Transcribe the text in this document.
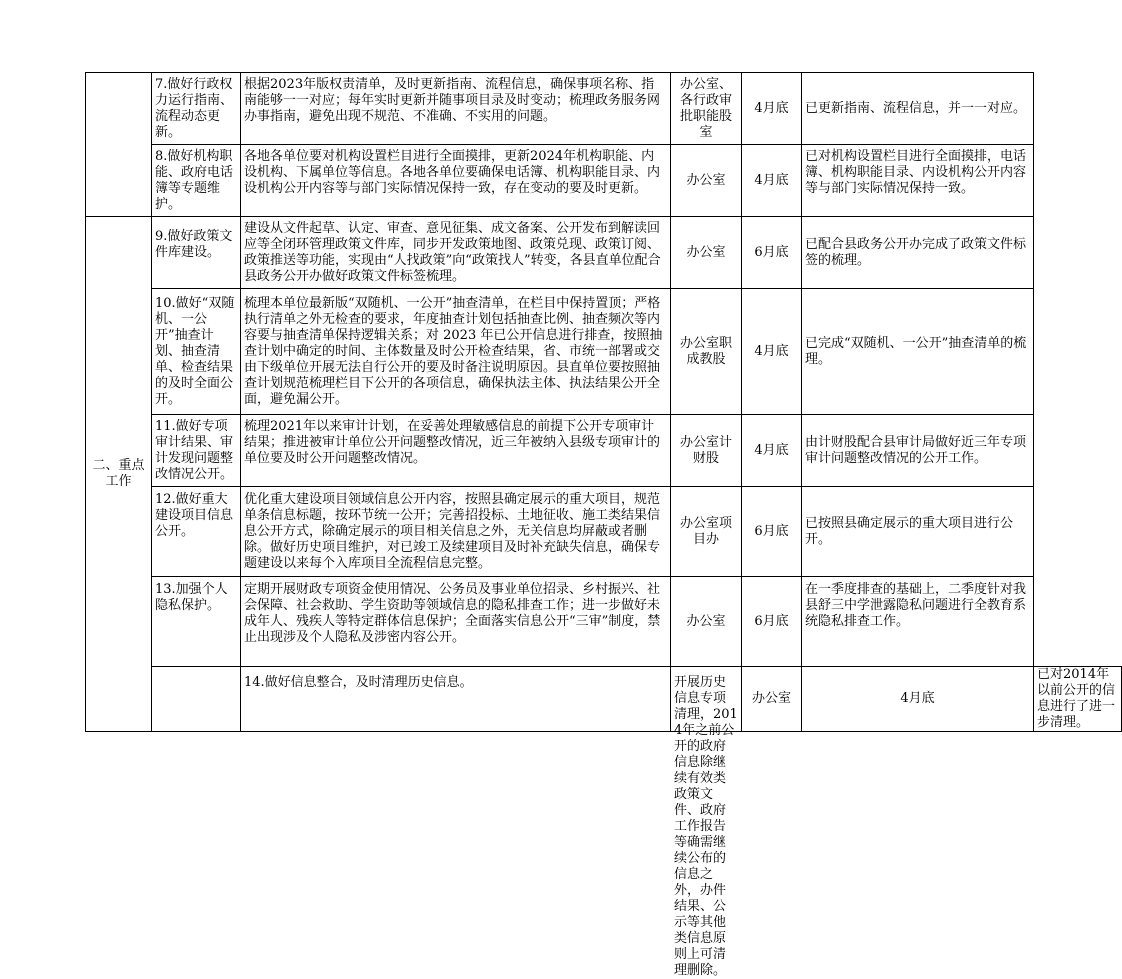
	7.做好行政权力运行指南、流程动态更新。	根据2023年版权责清单，及时更新指南、流程信息，确保事项名称、指南能够一一对应；每年实时更新并随事项目录及时变动；梳理政务服务网办事指南，避免出现不规范、不准确、不实用的问题。	办公室、各行政审批职能股室	4月底	已更新指南、流程信息，并一一对应。	

	8.做好机构职能、政府电话簿等专题维护。	各地各单位要对机构设置栏目进行全面摸排，更新2024年机构职能、内设机构、下属单位等信息。各地各单位要确保电话簿、机构职能目录、内设机构公开内容等与部门实际情况保持一致，存在变动的要及时更新。	办公室	4月底	已对机构设置栏目进行全面摸排，电话簿、机构职能目录、内设机构公开内容等与部门实际情况保持一致。	

二、重点工作	9.做好政策文件库建设。	建设从文件起草、认定、审查、意见征集、成文备案、公开发布到解读回应等全闭环管理政策文件库，同步开发政策地图、政策兑现、政策订阅、政策推送等功能，实现由“人找政策”向“政策找人”转变，各县直单位配合县政务公开办做好政策文件标签梳理。	办公室	6月底	已配合县政务公开办完成了政策文件标签的梳理。	

	10.做好“双随机、一公开”抽查计划、抽查清单、检查结果的及时全面公开。	梳理本单位最新版“双随机、一公开”抽查清单，在栏目中保持置顶；严格执行清单之外无检查的要求，年度抽查计划包括抽查比例、抽查频次等内容要与抽查清单保持逻辑关系；对 2023 年已公开信息进行排查，按照抽查计划中确定的时间、主体数量及时公开检查结果，省、市统一部署或交由下级单位开展无法自行公开的要及时备注说明原因。县直单位要按照抽查计划规范梳理栏目下公开的各项信息，确保执法主体、执法结果公开全面，避免漏公开。	办公室职成教股	4月底	已完成“双随机、一公开”抽查清单的梳理。	

	11.做好专项审计结果、审计发现问题整改情况公开。	梳理2021年以来审计计划，在妥善处理敏感信息的前提下公开专项审计结果；推进被审计单位公开问题整改情况，近三年被纳入县级专项审计的单位要及时公开问题整改情况。	办公室计财股	4月底	由计财股配合县审计局做好近三年专项审计问题整改情况的公开工作。	

	12.做好重大建设项目信息公开。	优化重大建设项目领域信息公开内容，按照县确定展示的重大项目，规范单条信息标题，按环节统一公开；完善招投标、土地征收、施工类结果信息公开方式，除确定展示的项目相关信息之外，无关信息均屏蔽或者删除。做好历史项目维护，对已竣工及续建项目及时补充缺失信息，确保专题建设以来每个入库项目全流程信息完整。	办公室项目办	6月底	已按照县确定展示的重大项目进行公开。	

	13.加强个人隐私保护。	定期开展财政专项资金使用情况、公务员及事业单位招录、乡村振兴、社会保障、社会救助、学生资助等领域信息的隐私排查工作；进一步做好未成年人、残疾人等特定群体信息保护；全面落实信息公开“三审”制度，禁止出现涉及个人隐私及涉密内容公开。	办公室	6月底	在一季度排查的基础上，二季度针对我县舒三中学泄露隐私问题进行全教育系统隐私排查工作。	

		14.做好信息整合，及时清理历史信息。	开展历史信息专项清理，2014年之前公开的政府信息除继续有效类政策文件、政府工作报告等确需继续公布的信息之外，办件结果、公示等其他类信息原则上可清理删除。	办公室	4月底	已对2014年以前公开的信息进行了进一步清理。
